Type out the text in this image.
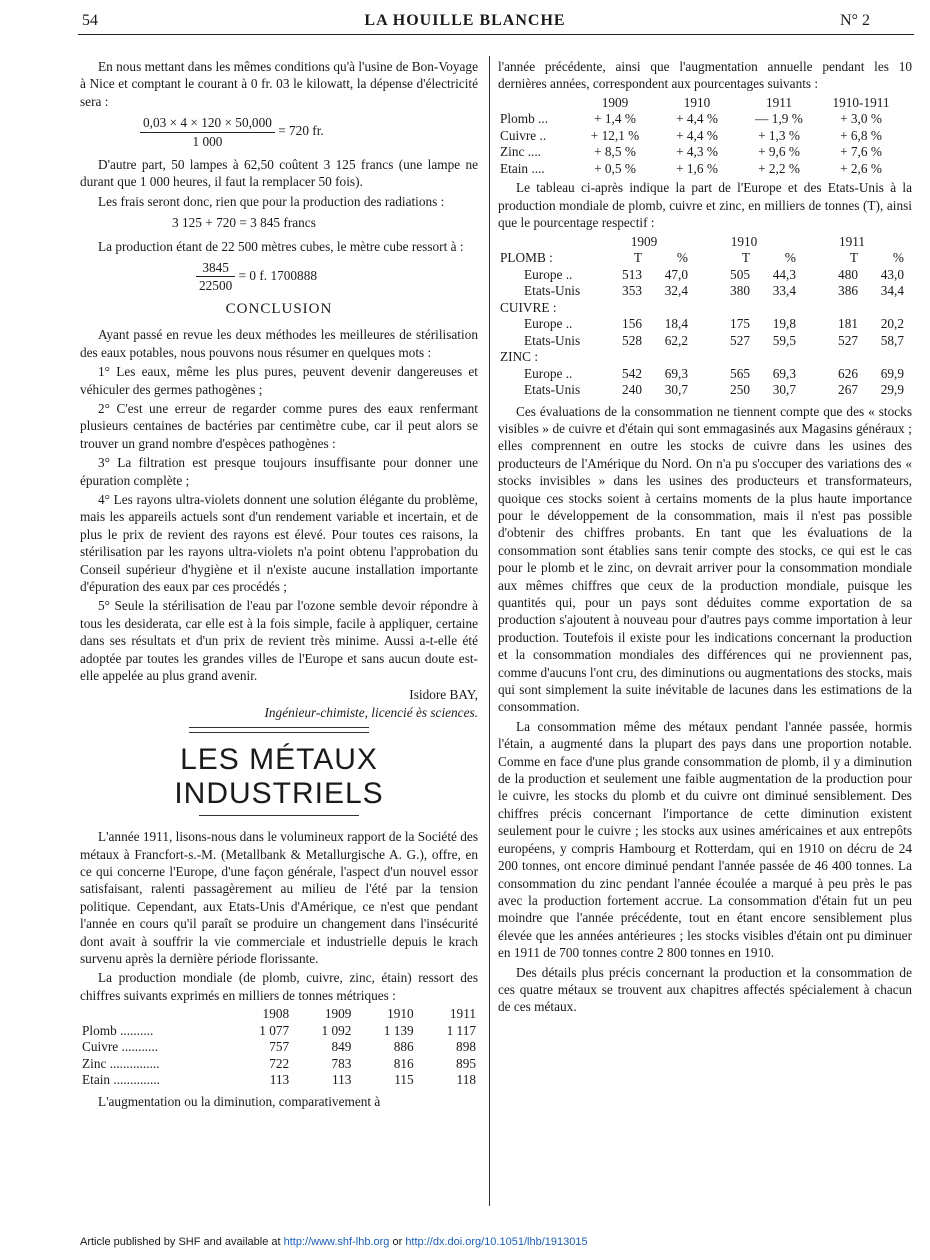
54	LA HOUILLE BLANCHE	N° 2

En nous mettant dans les mêmes conditions qu'à l'usine de Bon-Voyage à Nice et comptant le courant à 0 fr. 03 le kilowatt, la dépense d'électricité sera :

$\frac{0,03 \times 4 \times 120 \times 50,000}{1 000} = 720$ fr.

D'autre part, 50 lampes à 62,50 coûtent 3 125 francs (une lampe ne durant que 1 000 heures, il faut la remplacer 50 fois).

Les frais seront donc, rien que pour la production des radiations :

3 125 + 720 = 3 845 francs

La production étant de 22 500 mètres cubes, le mètre cube ressort à :

$\frac{3845}{22500} = 0$ f. 1700888
CONCLUSION

Ayant passé en revue les deux méthodes les meilleures de stérilisation des eaux potables, nous pouvons nous résumer en quelques mots :

1° Les eaux, même les plus pures, peuvent devenir dangereuses et véhiculer des germes pathogènes ;

2° C'est une erreur de regarder comme pures des eaux renfermant plusieurs centaines de bactéries par centimètre cube, car il peut alors se trouver un grand nombre d'espèces pathogènes :

3° La filtration est presque toujours insuffisante pour donner une épuration complète ;

4° Les rayons ultra-violets donnent une solution élégante du problème, mais les appareils actuels sont d'un rendement variable et incertain, et de plus le prix de revient des rayons est élevé. Pour toutes ces raisons, la stérilisation par les rayons ultra-violets n'a point obtenu l'approbation du Conseil supérieur d'hygiène et il n'existe aucune installation importante d'épuration des eaux par ces procédés ;

5° Seule la stérilisation de l'eau par l'ozone semble devoir répondre à tous les desiderata, car elle est à la fois simple, facile à appliquer, certaine dans ses résultats et d'un prix de revient très minime. Aussi a-t-elle été adoptée par toutes les grandes villes de l'Europe et sans aucun doute est-elle appelée au plus grand avenir.

Isidore BAY,
Ingénieur-chimiste, licencié ès sciences.
LES MÉTAUX INDUSTRIELS

L'année 1911, lisons-nous dans le volumineux rapport de la Société des métaux à Francfort-s.-M. (Metallbank & Metallurgische A. G.), offre, en ce qui concerne l'Europe, d'une façon générale, l'aspect d'un nouvel essor satisfaisant, ralenti passagèrement au milieu de l'été par la tension politique. Cependant, aux Etats-Unis d'Amérique, ce n'est que pendant l'année en cours qu'il paraît se produire un changement dans l'insécurité dont avait à souffrir la vie commerciale et industrielle depuis le krach survenu après la dernière période florissante.

La production mondiale (de plomb, cuivre, zinc, étain) ressort des chiffres suivants exprimés en milliers de tonnes métriques :

	1908	1909	1910	1911
Plomb ..........	1 077	1 092	1 139	1 117
Cuivre ...........	757	849	886	898
Zinc ...............	722	783	816	895
Etain ..............	113	113	115	118

L'augmentation ou la diminution, comparativement à

l'année précédente, ainsi que l'augmentation annuelle pendant les 10 dernières années, correspondent aux pourcentages suivants :

	1909	1910	1911	1910-1911
Plomb ...	+ 1,4 %	+ 4,4 %	— 1,9 %	+ 3,0 %
Cuivre ..	+ 12,1 %	+ 4,4 %	+ 1,3 %	+ 6,8 %
Zinc ....	+ 8,5 %	+ 4,3 %	+ 9,6 %	+ 7,6 %
Etain ....	+ 0,5 %	+ 1,6 %	+ 2,2 %	+ 2,6 %

Le tableau ci-après indique la part de l'Europe et des Etats-Unis à la production mondiale de plomb, cuivre et zinc, en milliers de tonnes (T), ainsi que le pourcentage respectif :

	1909		1910		1911	
PLOMB :	T	%	T	%	T	%
Europe ..	513	47,0	505	44,3	480	43,0
Etats-Unis	353	32,4	380	33,4	386	34,4
CUIVRE :						
Europe ..	156	18,4	175	19,8	181	20,2
Etats-Unis	528	62,2	527	59,5	527	58,7
ZINC :						
Europe ..	542	69,3	565	69,3	626	69,9
Etats-Unis	240	30,7	250	30,7	267	29,9

Ces évaluations de la consommation ne tiennent compte que des « stocks visibles » de cuivre et d'étain qui sont emmagasinés aux Magasins généraux ; elles comprennent en outre les stocks de cuivre dans les usines des producteurs de l'Amérique du Nord. On n'a pu s'occuper des variations des « stocks invisibles » dans les usines des producteurs et transformateurs, quoique ces stocks soient à certains moments de la plus haute importance pour le développement de la consommation, mais il n'est pas possible d'obtenir des chiffres probants. En tant que les évaluations de la consommation sont établies sans tenir compte des stocks, ce qui est le cas pour le plomb et le zinc, on devrait arriver pour la consommation mondiale aux mêmes chiffres que ceux de la production mondiale, puisque les quantités qui, pour un pays sont déduites comme exportation de sa production s'ajoutent à nouveau pour d'autres pays comme importation à leur production. Toutefois il existe pour les indications concernant la production et la consommation mondiales des différences qui ne proviennent pas, comme d'aucuns l'ont cru, des diminutions ou augmentations des stocks, mais qui sont simplement la suite inévitable de lacunes dans les estimations de la consommation.

La consommation même des métaux pendant l'année passée, hormis l'étain, a augmenté dans la plupart des pays dans une proportion notable. Comme en face d'une plus grande consommation de plomb, il y a diminution de la production et seulement une faible augmentation de la production pour le cuivre, les stocks du plomb et du cuivre ont diminué sensiblement. Des chiffres précis concernant l'importance de cette diminution existent seulement pour le cuivre ; les stocks aux usines américaines et aux entrepôts européens, y compris Hambourg et Rotterdam, qui en 1910 on décru de 24 200 tonnes, ont encore diminué pendant l'année passée de 46 400 tonnes. La consommation du zinc pendant l'année écoulée a marqué à peu près le pas avec la production fortement accrue. La consommation d'étain fut un peu moindre que l'année précédente, tout en étant encore sensiblement plus élevée que les années antérieures ; les stocks visibles d'étain ont pu diminuer en 1911 de 700 tonnes contre 2 800 tonnes en 1910.

Des détails plus précis concernant la production et la consommation de ces quatre métaux se trouvent aux chapitres affectés spécialement à chacun de ces métaux.

Article published by SHF and available at http://www.shf-lhb.org or http://dx.doi.org/10.1051/lhb/1913015
